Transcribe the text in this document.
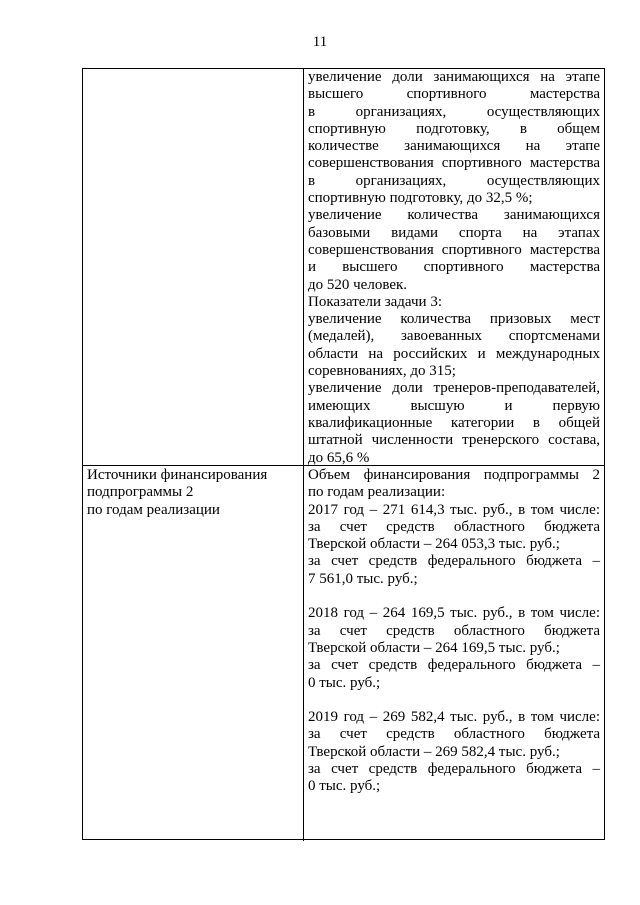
11

увеличение доли занимающихся на этапе

высшего спортивного мастерства

в организациях, осуществляющих

спортивную подготовку, в общем

количестве занимающихся на этапе

совершенствования спортивного мастерства

в организациях, осуществляющих

спортивную подготовку, до 32,5 %;

увеличение количества занимающихся

базовыми видами спорта на этапах

совершенствования спортивного мастерства

и высшего спортивного мастерства

до 520 человек.

Показатели задачи 3:

увеличение количества призовых мест

(медалей), завоеванных спортсменами

области на российских и международных

соревнованиях, до 315;

увеличение доли тренеров-преподавателей,

имеющих высшую и первую

квалификационные категории в общей

штатной численности тренерского состава,

до 65,6 %

Источники финансирования

подпрограммы 2

по годам реализации

Объем финансирования подпрограммы 2

по годам реализации:

2017 год – 271 614,3 тыс. руб., в том числе:

за счет средств областного бюджета

Тверской области – 264 053,3 тыс. руб.;

за счет средств федерального бюджета –

7 561,0 тыс. руб.;

2018 год – 264 169,5 тыс. руб., в том числе:

за счет средств областного бюджета

Тверской области – 264 169,5 тыс. руб.;

за счет средств федерального бюджета –

0 тыс. руб.;

2019 год – 269 582,4 тыс. руб., в том числе:

за счет средств областного бюджета

Тверской области – 269 582,4 тыс. руб.;

за счет средств федерального бюджета –

0 тыс. руб.;
